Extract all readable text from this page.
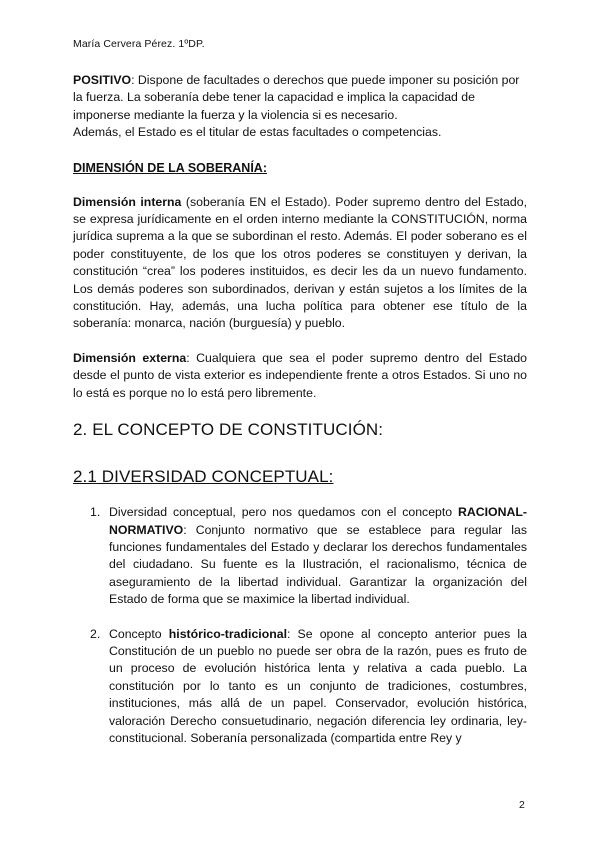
María Cervera Pérez. 1ºDP.

POSITIVO: Dispone de facultades o derechos que puede imponer su posición por la fuerza. La soberanía debe tener la capacidad e implica la capacidad de imponerse mediante la fuerza y la violencia si es necesario.

Además, el Estado es el titular de estas facultades o competencias.

DIMENSIÓN DE LA SOBERANÍA:

Dimensión interna (soberanía EN el Estado). Poder supremo dentro del Estado, se expresa jurídicamente en el orden interno mediante la CONSTITUCIÓN, norma jurídica suprema a la que se subordinan el resto. Además. El poder soberano es el poder constituyente, de los que los otros poderes se constituyen y derivan, la constitución “crea” los poderes instituidos, es decir les da un nuevo fundamento. Los demás poderes son subordinados, derivan y están sujetos a los límites de la constitución. Hay, además, una lucha política para obtener ese título de la soberanía: monarca, nación (burguesía) y pueblo.

Dimensión externa: Cualquiera que sea el poder supremo dentro del Estado desde el punto de vista exterior es independiente frente a otros Estados. Si uno no lo está es porque no lo está pero libremente.

2. EL CONCEPTO DE CONSTITUCIÓN:
2.1 DIVERSIDAD CONCEPTUAL:
1. Diversidad conceptual, pero nos quedamos con el concepto RACIONAL-NORMATIVO: Conjunto normativo que se establece para regular las funciones fundamentales del Estado y declarar los derechos fundamentales del ciudadano. Su fuente es la Ilustración, el racionalismo, técnica de aseguramiento de la libertad individual. Garantizar la organización del Estado de forma que se maximice la libertad individual.
2. Concepto histórico-tradicional: Se opone al concepto anterior pues la Constitución de un pueblo no puede ser obra de la razón, pues es fruto de un proceso de evolución histórica lenta y relativa a cada pueblo. La constitución por lo tanto es un conjunto de tradiciones, costumbres, instituciones, más allá de un papel. Conservador, evolución histórica, valoración Derecho consuetudinario, negación diferencia ley ordinaria, ley-constitucional. Soberanía personalizada (compartida entre Rey y
2
